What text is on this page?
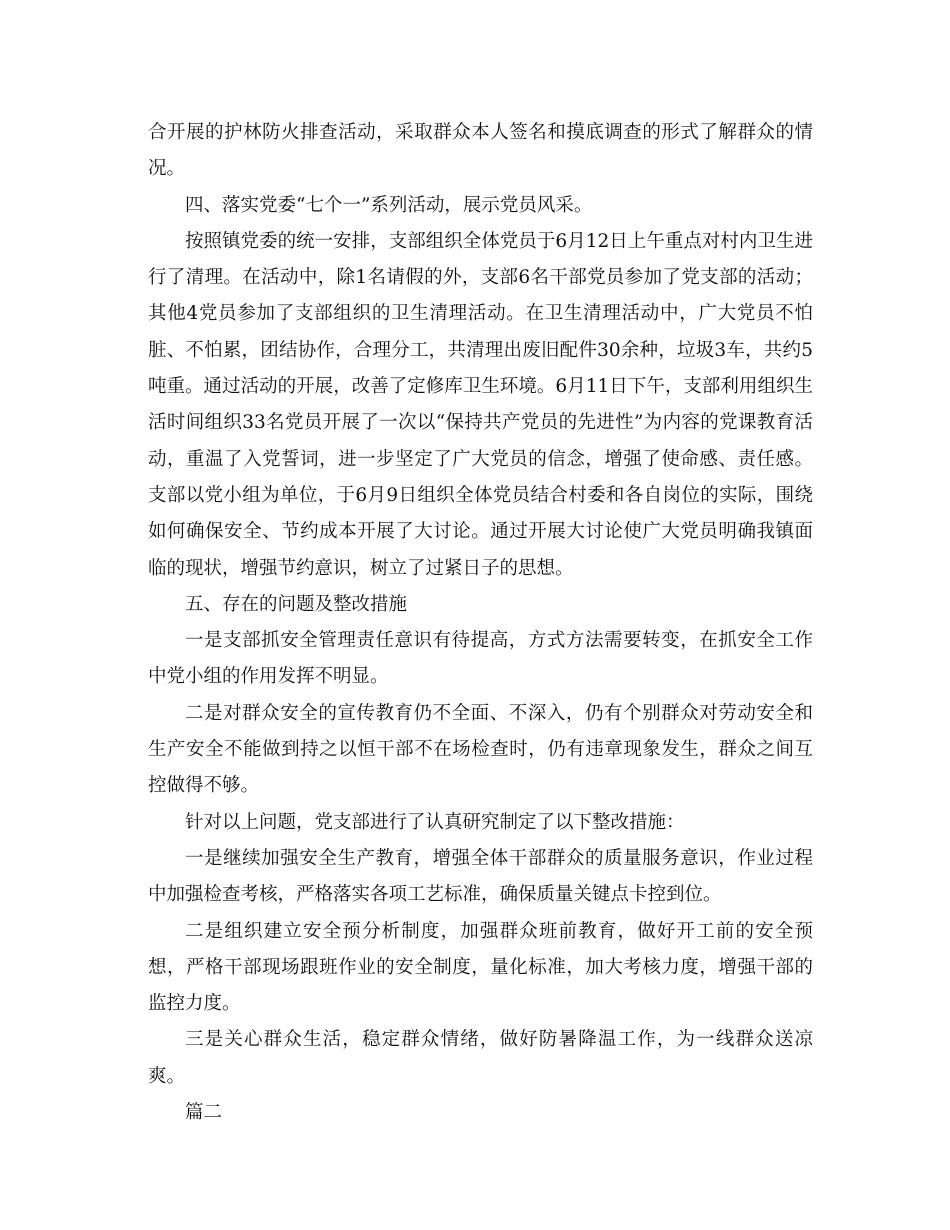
合开展的护林防火排查活动，采取群众本人签名和摸底调查的形式了解群众的情况。

四、落实党委“七个一”系列活动，展示党员风采。

按照镇党委的统一安排，支部组织全体党员于6月12日上午重点对村内卫生进行了清理。在活动中，除1名请假的外，支部6名干部党员参加了党支部的活动；其他4党员参加了支部组织的卫生清理活动。在卫生清理活动中，广大党员不怕脏、不怕累，团结协作，合理分工，共清理出废旧配件30余种，垃圾3车，共约5吨重。通过活动的开展，改善了定修库卫生环境。6月11日下午，支部利用组织生活时间组织33名党员开展了一次以“保持共产党员的先进性”为内容的党课教育活动，重温了入党誓词，进一步坚定了广大党员的信念，增强了使命感、责任感。支部以党小组为单位，于6月9日组织全体党员结合村委和各自岗位的实际，围绕如何确保安全、节约成本开展了大讨论。通过开展大讨论使广大党员明确我镇面临的现状，增强节约意识，树立了过紧日子的思想。

五、存在的问题及整改措施

一是支部抓安全管理责任意识有待提高，方式方法需要转变，在抓安全工作中党小组的作用发挥不明显。

二是对群众安全的宣传教育仍不全面、不深入，仍有个别群众对劳动安全和生产安全不能做到持之以恒干部不在场检查时，仍有违章现象发生，群众之间互控做得不够。

针对以上问题，党支部进行了认真研究制定了以下整改措施：

一是继续加强安全生产教育，增强全体干部群众的质量服务意识，作业过程中加强检查考核，严格落实各项工艺标准，确保质量关键点卡控到位。

二是组织建立安全预分析制度，加强群众班前教育，做好开工前的安全预想，严格干部现场跟班作业的安全制度，量化标准，加大考核力度，增强干部的监控力度。

三是关心群众生活，稳定群众情绪，做好防暑降温工作，为一线群众送凉爽。

篇二
